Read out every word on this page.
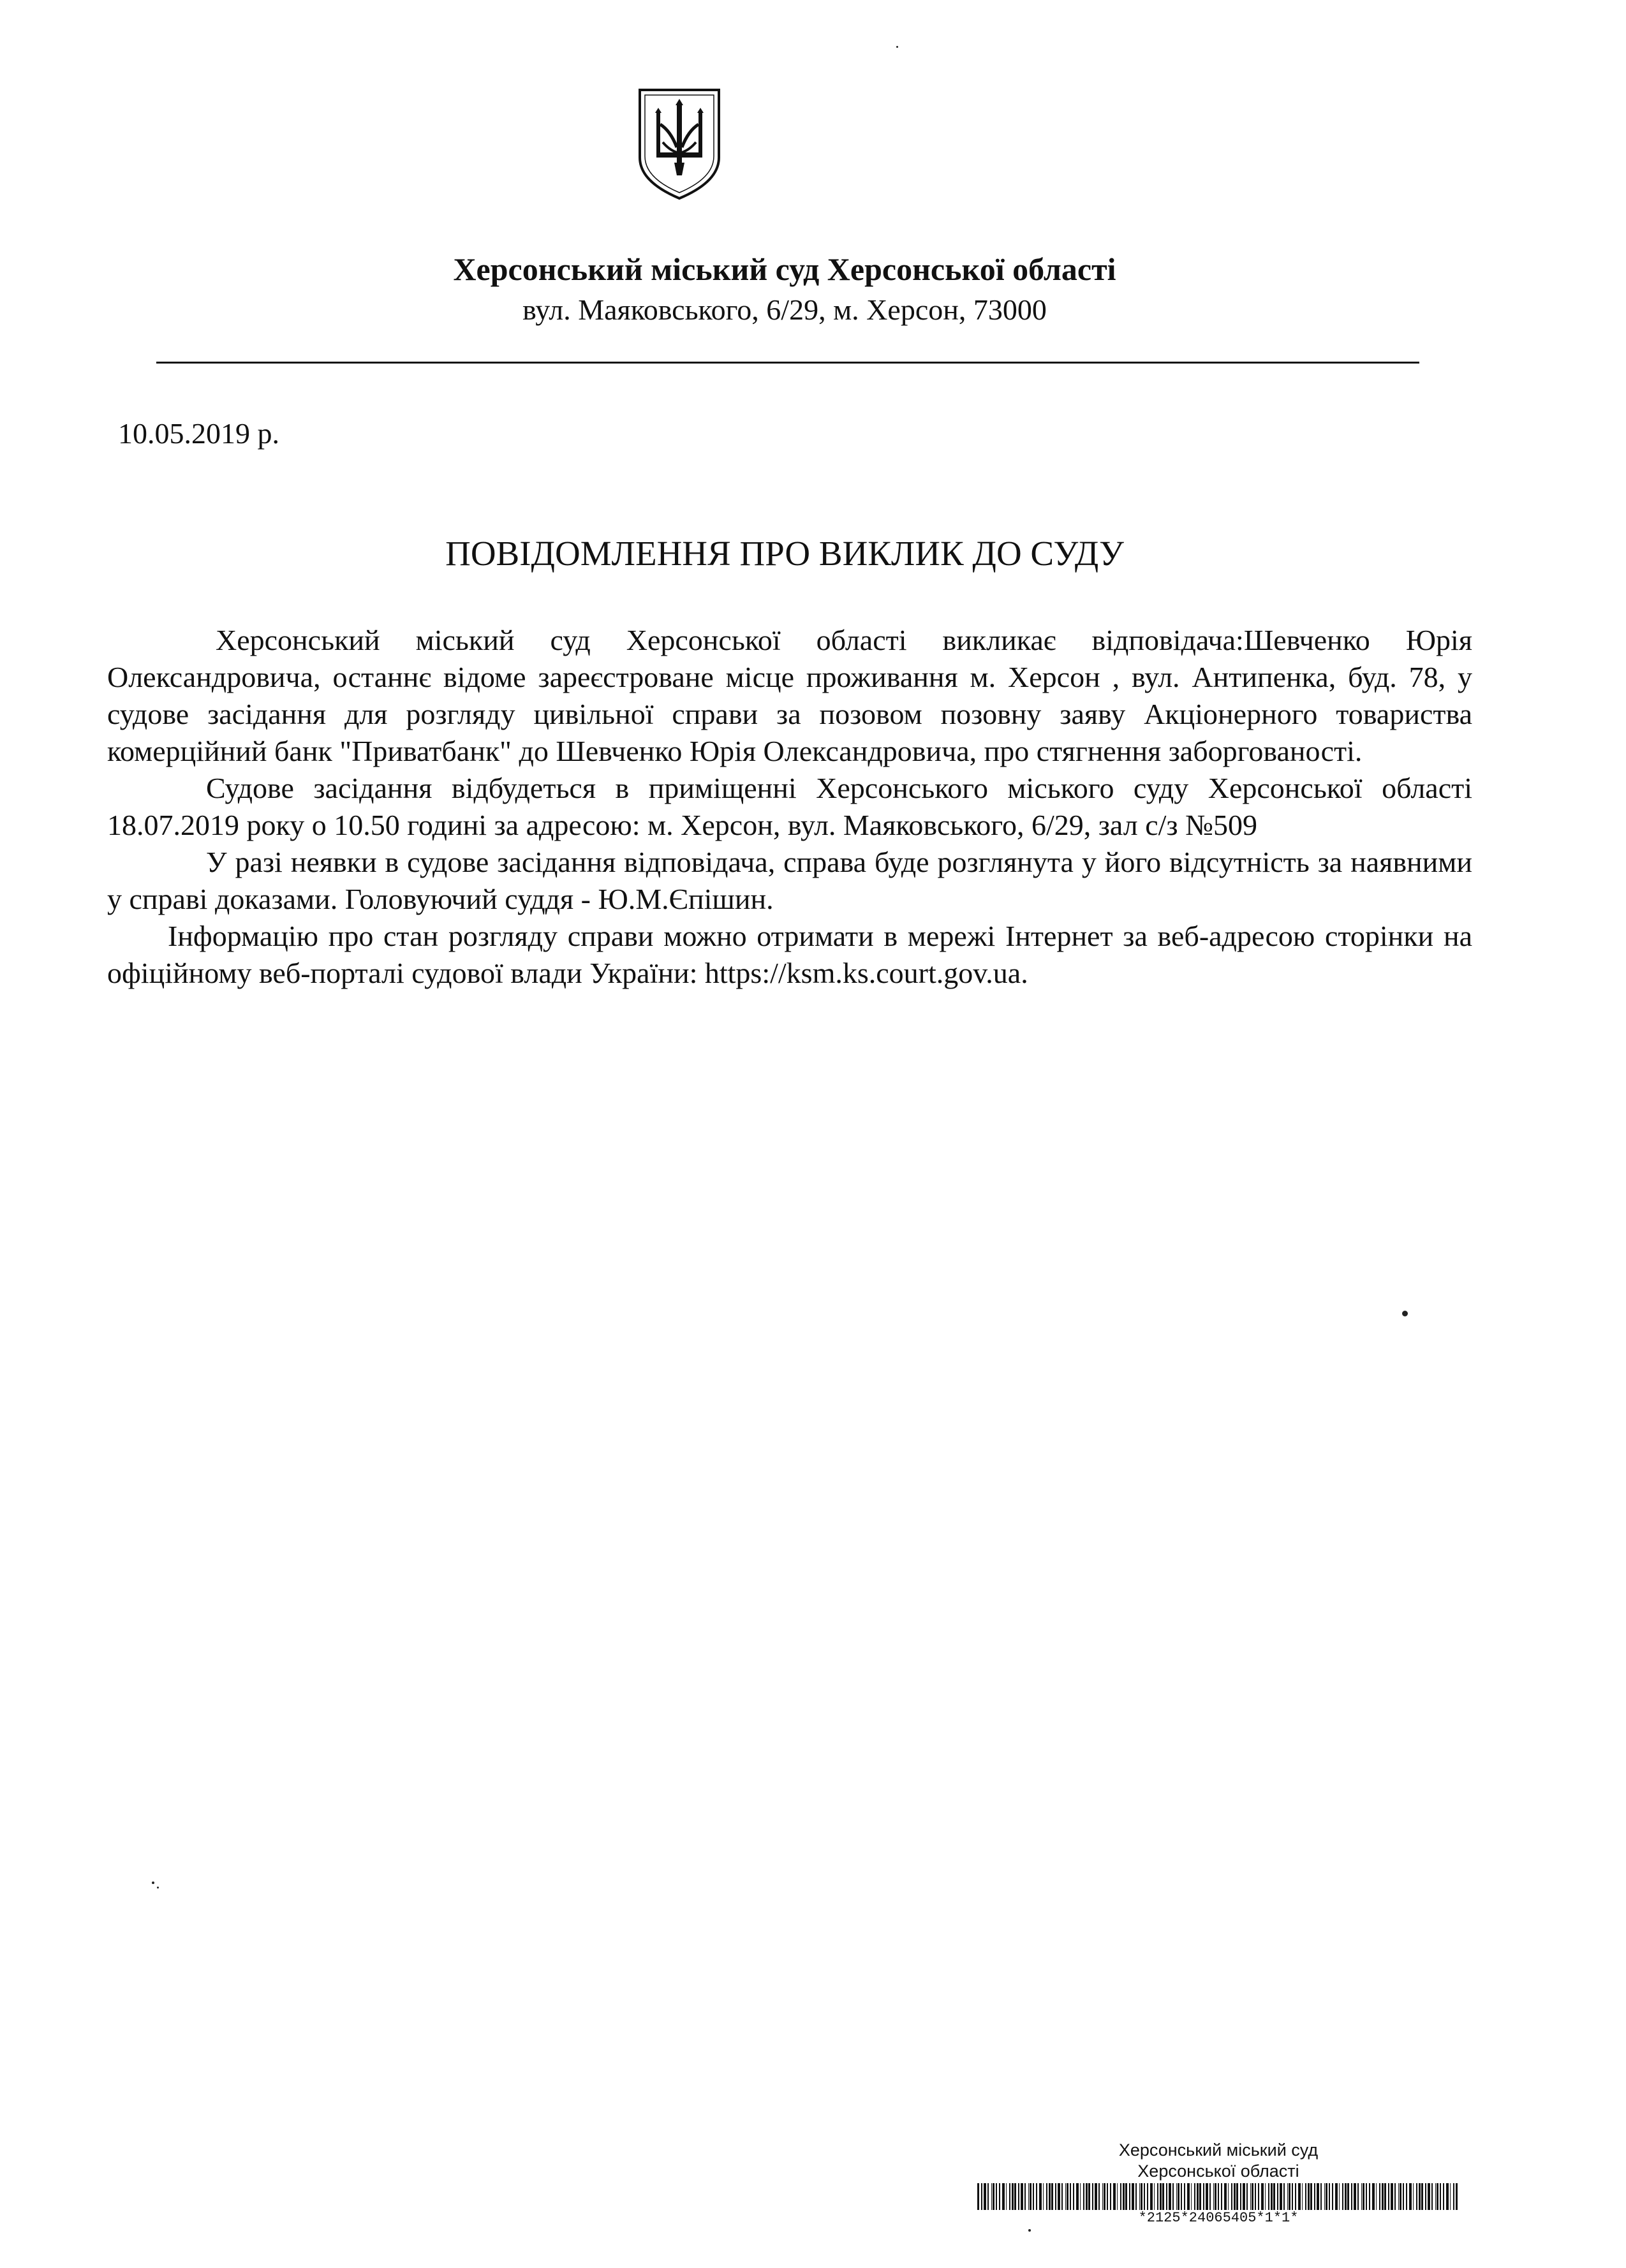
Херсонський міський суд Херсонської області
вул. Маяковського, 6/29, м. Херсон, 73000
10.05.2019 р.
ПОВІДОМЛЕННЯ ПРО ВИКЛИК ДО СУДУ

Херсонський міський суд Херсонської області викликає відповідача:Шевченко Юрія Олександровича, останнє відоме зареєстроване місце проживання м. Херсон , вул. Антипенка, буд. 78, у судове засідання для розгляду цивільної справи за позовом позовну заяву Акціонерного товариства комерційний банк "Приватбанк" до Шевченко Юрія Олександровича, про стягнення заборгованості.

Судове засідання відбудеться в приміщенні Херсонського міського суду Херсонської області 18.07.2019 року о 10.50 годині за адресою: м. Херсон, вул. Маяковського, 6/29, зал с/з №509

У разі неявки в судове засідання відповідача, справа буде розглянута у його відсутність за наявними у справі доказами. Головуючий суддя - Ю.М.Єпішин.

Інформацію про стан розгляду справи можно отримати в мережі Інтернет за веб-адресою сторінки на офіційному веб-порталі судової влади України: https://ksm.ks.court.gov.ua.

Херсонський міський суд
Херсонської області
*2125*24065405*1*1*
